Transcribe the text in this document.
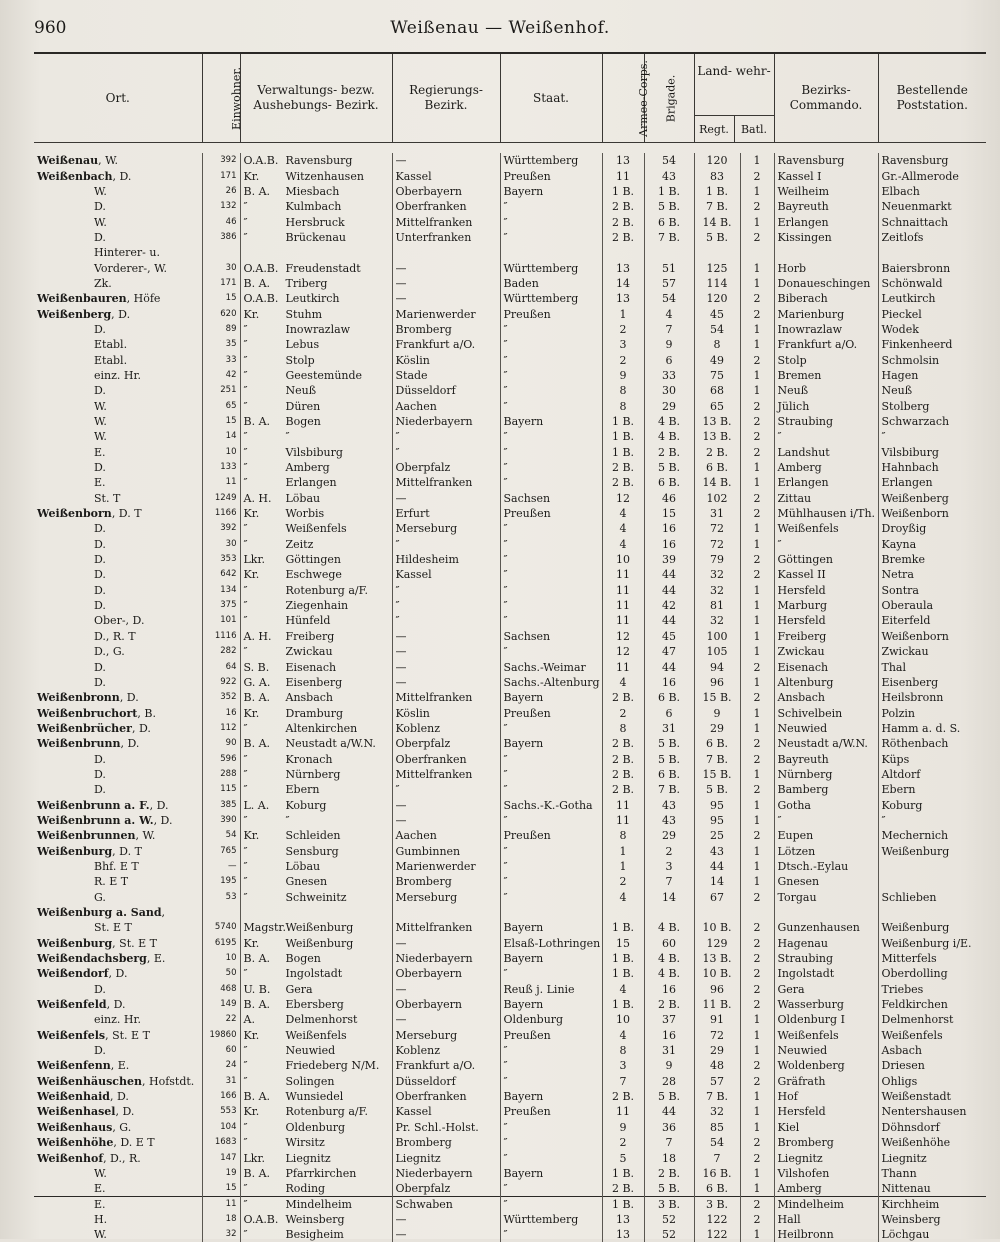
960	Weißenau — Weißenhof.
Ort.	Einwohner.	Verwaltungs- bezw. Aushebungs- Bezirk.	Regierungs- Bezirk.	Staat.	Armee-Corps.	Brigade.	Land- wehr-
Regt. Batl.		Bezirks- Commando.	Bestellende Poststation.

Weißenau, W.	392	O.A.B. Ravensburg	—	Württemberg	13	54	120	1	Ravensburg	Ravensburg
Weißenbach, D.	171	Kr. Witzenhausen	Kassel	Preußen	11	43	83	2	Kassel I	Gr.-Allmerode
W.	26	B. A. Miesbach	Oberbayern	Bayern	1 B.	1 B.	1 B.	1	Weilheim	Elbach
D.	132	″ Kulmbach	Oberfranken	″	2 B.	5 B.	7 B.	2	Bayreuth	Neuenmarkt
W.	46	″ Hersbruck	Mittelfranken	″	2 B.	6 B.	14 B.	1	Erlangen	Schnaittach
D.	386	″ Brückenau	Unterfranken	″	2 B.	7 B.	5 B.	2	Kissingen	Zeitlofs
Hinterer- u.										
Vorderer-, W.	30	O.A.B. Freudenstadt	—	Württemberg	13	51	125	1	Horb	Baiersbronn
Zk.	171	B. A. Triberg	—	Baden	14	57	114	1	Donaueschingen	Schönwald
Weißenbauren, Höfe	15	O.A.B. Leutkirch	—	Württemberg	13	54	120	2	Biberach	Leutkirch
Weißenberg, D.	620	Kr. Stuhm	Marienwerder	Preußen	1	4	45	2	Marienburg	Pieckel
D.	89	″ Inowrazlaw	Bromberg	″	2	7	54	1	Inowrazlaw	Wodek
Etabl.	35	″ Lebus	Frankfurt a/O.	″	3	9	8	1	Frankfurt a/O.	Finkenheerd
Etabl.	33	″ Stolp	Köslin	″	2	6	49	2	Stolp	Schmolsin
einz. Hr.	42	″ Geestemünde	Stade	″	9	33	75	1	Bremen	Hagen
D.	251	″ Neuß	Düsseldorf	″	8	30	68	1	Neuß	Neuß
W.	65	″ Düren	Aachen	″	8	29	65	2	Jülich	Stolberg
W.	15	B. A. Bogen	Niederbayern	Bayern	1 B.	4 B.	13 B.	2	Straubing	Schwarzach
W.	14	″ ″	″	″	1 B.	4 B.	13 B.	2	″	″
E.	10	″ Vilsbiburg	″	″	1 B.	2 B.	2 B.	2	Landshut	Vilsbiburg
D.	133	″ Amberg	Oberpfalz	″	2 B.	5 B.	6 B.	1	Amberg	Hahnbach
E.	11	″ Erlangen	Mittelfranken	″	2 B.	6 B.	14 B.	1	Erlangen	Erlangen
St. T	1249	A. H. Löbau	—	Sachsen	12	46	102	2	Zittau	Weißenberg
Weißenborn, D. T	1166	Kr. Worbis	Erfurt	Preußen	4	15	31	2	Mühlhausen i/Th.	Weißenborn
D.	392	″ Weißenfels	Merseburg	″	4	16	72	1	Weißenfels	Droyßig
D.	30	″ Zeitz	″	″	4	16	72	1	″	Kayna
D.	353	Lkr. Göttingen	Hildesheim	″	10	39	79	2	Göttingen	Bremke
D.	642	Kr. Eschwege	Kassel	″	11	44	32	2	Kassel II	Netra
D.	134	″ Rotenburg a/F.	″	″	11	44	32	1	Hersfeld	Sontra
D.	375	″ Ziegenhain	″	″	11	42	81	1	Marburg	Oberaula
Ober-, D.	101	″ Hünfeld	″	″	11	44	32	1	Hersfeld	Eiterfeld
D., R. T	1116	A. H. Freiberg	—	Sachsen	12	45	100	1	Freiberg	Weißenborn
D., G.	282	″ Zwickau	—	″	12	47	105	1	Zwickau	Zwickau
D.	64	S. B. Eisenach	—	Sachs.-Weimar	11	44	94	2	Eisenach	Thal
D.	922	G. A. Eisenberg	—	Sachs.-Altenburg	4	16	96	1	Altenburg	Eisenberg
Weißenbronn, D.	352	B. A. Ansbach	Mittelfranken	Bayern	2 B.	6 B.	15 B.	2	Ansbach	Heilsbronn
Weißenbruchort, B.	16	Kr. Dramburg	Köslin	Preußen	2	6	9	1	Schivelbein	Polzin
Weißenbrücher, D.	112	″ Altenkirchen	Koblenz	″	8	31	29	1	Neuwied	Hamm a. d. S.
Weißenbrunn, D.	90	B. A. Neustadt a/W.N.	Oberpfalz	Bayern	2 B.	5 B.	6 B.	2	Neustadt a/W.N.	Röthenbach
D.	596	″ Kronach	Oberfranken	″	2 B.	5 B.	7 B.	2	Bayreuth	Küps
D.	288	″ Nürnberg	Mittelfranken	″	2 B.	6 B.	15 B.	1	Nürnberg	Altdorf
D.	115	″ Ebern	″	″	2 B.	7 B.	5 B.	2	Bamberg	Ebern
Weißenbrunn a. F., D.	385	L. A. Koburg	—	Sachs.-K.-Gotha	11	43	95	1	Gotha	Koburg
Weißenbrunn a. W., D.	390	″ ″	—	″	11	43	95	1	″	″
Weißenbrunnen, W.	54	Kr. Schleiden	Aachen	Preußen	8	29	25	2	Eupen	Mechernich
Weißenburg, D. T	765	″ Sensburg	Gumbinnen	″	1	2	43	1	Lötzen	Weißenburg
Bhf. E T	—	″ Löbau	Marienwerder	″	1	3	44	1	Dtsch.-Eylau	
R. E T	195	″ Gnesen	Bromberg	″	2	7	14	1	Gnesen	
G.	53	″ Schweinitz	Merseburg	″	4	14	67	2	Torgau	Schlieben
Weißenburg a. Sand,										
St. E T	5740	Magstr.Weißenburg	Mittelfranken	Bayern	1 B.	4 B.	10 B.	2	Gunzenhausen	Weißenburg
Weißenburg, St. E T	6195	Kr. Weißenburg	—	Elsaß-Lothringen	15	60	129	2	Hagenau	Weißenburg i/E.
Weißendachsberg, E.	10	B. A. Bogen	Niederbayern	Bayern	1 B.	4 B.	13 B.	2	Straubing	Mitterfels
Weißendorf, D.	50	″ Ingolstadt	Oberbayern	″	1 B.	4 B.	10 B.	2	Ingolstadt	Oberdolling
D.	468	U. B. Gera	—	Reuß j. Linie	4	16	96	2	Gera	Triebes
Weißenfeld, D.	149	B. A. Ebersberg	Oberbayern	Bayern	1 B.	2 B.	11 B.	2	Wasserburg	Feldkirchen
einz. Hr.	22	A. Delmenhorst	—	Oldenburg	10	37	91	1	Oldenburg I	Delmenhorst
Weißenfels, St. E T	19860	Kr. Weißenfels	Merseburg	Preußen	4	16	72	1	Weißenfels	Weißenfels
D.	60	″ Neuwied	Koblenz	″	8	31	29	1	Neuwied	Asbach
Weißenfenn, E.	24	″ Friedeberg N/M.	Frankfurt a/O.	″	3	9	48	2	Woldenberg	Driesen
Weißenhäuschen, Hofstdt.	31	″ Solingen	Düsseldorf	″	7	28	57	2	Gräfrath	Ohligs
Weißenhaid, D.	166	B. A. Wunsiedel	Oberfranken	Bayern	2 B.	5 B.	7 B.	1	Hof	Weißenstadt
Weißenhasel, D.	553	Kr. Rotenburg a/F.	Kassel	Preußen	11	44	32	1	Hersfeld	Nentershausen
Weißenhaus, G.	104	″ Oldenburg	Pr. Schl.-Holst.	″	9	36	85	1	Kiel	Döhnsdorf
Weißenhöhe, D. E T	1683	″ Wirsitz	Bromberg	″	2	7	54	2	Bromberg	Weißenhöhe
Weißenhof, D., R.	147	Lkr. Liegnitz	Liegnitz	″	5	18	7	2	Liegnitz	Liegnitz
W.	19	B. A. Pfarrkirchen	Niederbayern	Bayern	1 B.	2 B.	16 B.	1	Vilshofen	Thann
E.	15	″ Roding	Oberpfalz	″	2 B.	5 B.	6 B.	1	Amberg	Nittenau
E.	11	″ Mindelheim	Schwaben	″	1 B.	3 B.	3 B.	2	Mindelheim	Kirchheim
H.	18	O.A.B. Weinsberg	—	Württemberg	13	52	122	2	Hall	Weinsberg
W.	32	″ Besigheim	—	″	13	52	122	1	Heilbronn	Löchgau
